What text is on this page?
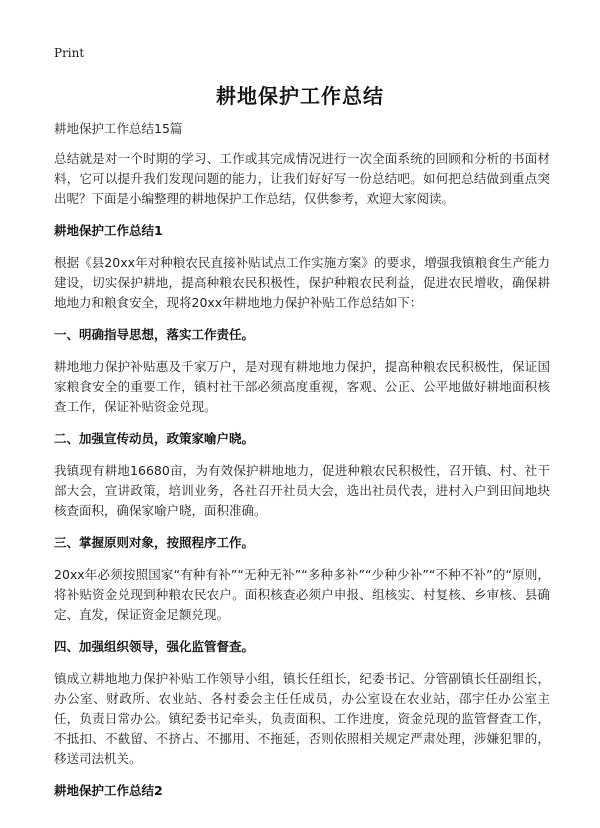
Print
耕地保护工作总结

耕地保护工作总结15篇

总结就是对一个时期的学习、工作或其完成情况进行一次全面系统的回顾和分析的书面材料，它可以提升我们发现问题的能力，让我们好好写一份总结吧。如何把总结做到重点突出呢？下面是小编整理的耕地保护工作总结，仅供参考，欢迎大家阅读。

耕地保护工作总结1

根据《县20xx年对种粮农民直接补贴试点工作实施方案》的要求，增强我镇粮食生产能力建设，切实保护耕地，提高种粮农民积极性，保护种粮农民利益，促进农民增收，确保耕地地力和粮食安全，现将20xx年耕地地力保护补贴工作总结如下：

一、明确指导思想，落实工作责任。

耕地地力保护补贴惠及千家万户，是对现有耕地地力保护，提高种粮农民积极性，保证国家粮食安全的重要工作，镇村社干部必须高度重视，客观、公正、公平地做好耕地面积核查工作，保证补贴资金兑现。

二、加强宣传动员，政策家喻户晓。

我镇现有耕地16680亩，为有效保护耕地地力，促进种粮农民积极性，召开镇、村、社干部大会，宣讲政策，培训业务，各社召开社员大会，选出社员代表，进村入户到田间地块核查面积，确保家喻户晓，面积准确。

三、掌握原则对象，按照程序工作。

20xx年必须按照国家“有种有补”“无种无补”“多种多补”“少种少补”“不种不补”的“原则，将补贴资金兑现到种粮农民农户。面积核查必须户申报、组核实、村复核、乡审核、县确定、直发，保证资金足额兑现。

四、加强组织领导，强化监管督查。

镇成立耕地地力保护补贴工作领导小组，镇长任组长，纪委书记、分管副镇长任副组长，办公室、财政所、农业站、各村委会主任任成员，办公室设在农业站，邵宇任办公室主任，负责日常办公。镇纪委书记牵头，负责面积、工作进度，资金兑现的监管督查工作，不抵扣、不截留、不挤占、不挪用、不拖延，否则依照相关规定严肃处理，涉嫌犯罪的，移送司法机关。

耕地保护工作总结2
